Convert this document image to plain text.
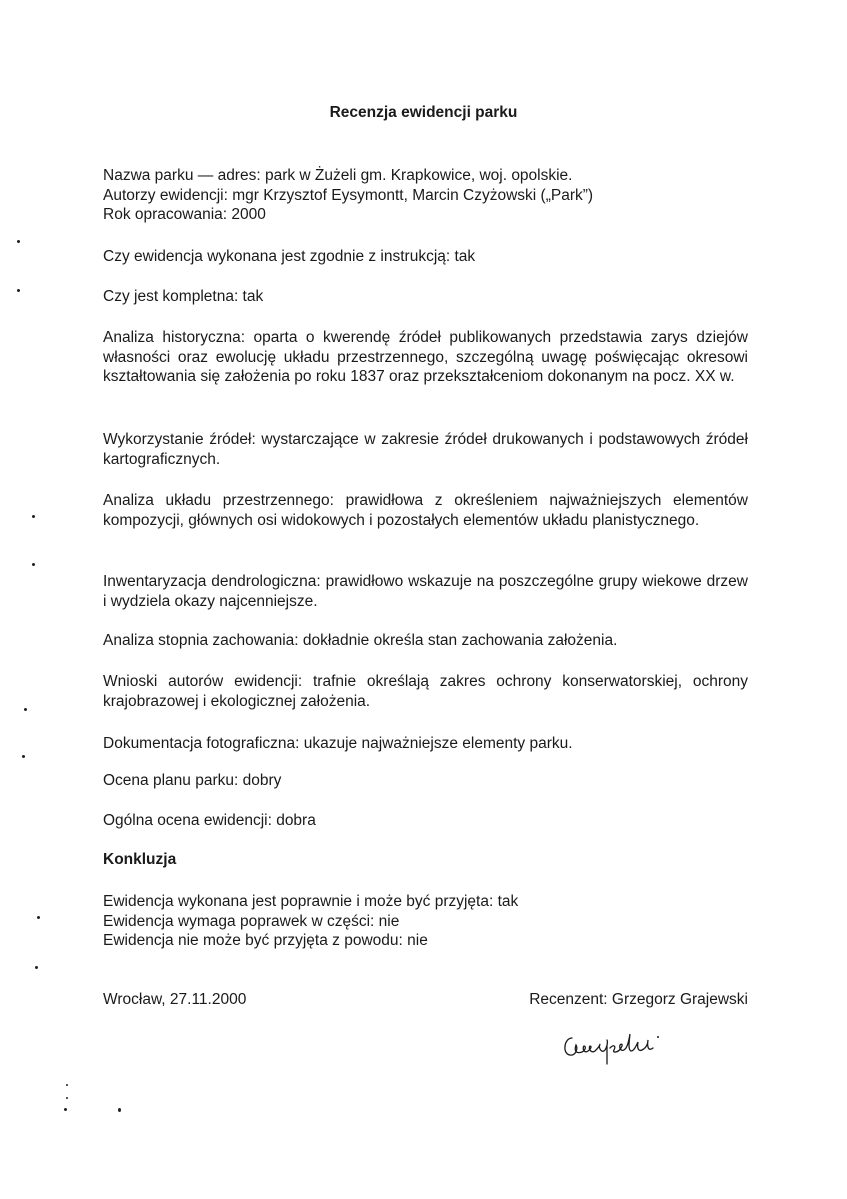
Recenzja ewidencji parku
Nazwa parku — adres: park w Żużeli gm. Krapkowice, woj. opolskie.
Autorzy ewidencji: mgr Krzysztof Eysymontt, Marcin Czyżowski („Park”)
Rok opracowania: 2000

Czy ewidencja wykonana jest zgodnie z instrukcją: tak

Czy jest kompletna: tak

Analiza historyczna: oparta o kwerendę źródeł publikowanych przedstawia zarys dziejów własności oraz ewolucję układu przestrzennego, szczególną uwagę poświęcając okresowi kształtowania się założenia po roku 1837 oraz przekształceniom dokonanym na pocz. XX w.

Wykorzystanie źródeł: wystarczające w zakresie źródeł drukowanych i podstawowych źródeł kartograficznych.

Analiza układu przestrzennego: prawidłowa z określeniem najważniejszych elementów kompozycji, głównych osi widokowych i pozostałych elementów układu planistycznego.

Inwentaryzacja dendrologiczna: prawidłowo wskazuje na poszczególne grupy wiekowe drzew i wydziela okazy najcenniejsze.

Analiza stopnia zachowania: dokładnie określa stan zachowania założenia.

Wnioski autorów ewidencji: trafnie określają zakres ochrony konserwatorskiej, ochrony krajobrazowej i ekologicznej założenia.

Dokumentacja fotograficzna: ukazuje najważniejsze elementy parku.

Ocena planu parku: dobry

Ogólna ocena ewidencji: dobra

Konkluzja

Ewidencja wykonana jest poprawnie i może być przyjęta: tak
Ewidencja wymaga poprawek w części: nie
Ewidencja nie może być przyjęta z powodu: nie
Wrocław, 27.11.2000	Recenzent: Grzegorz Grajewski
